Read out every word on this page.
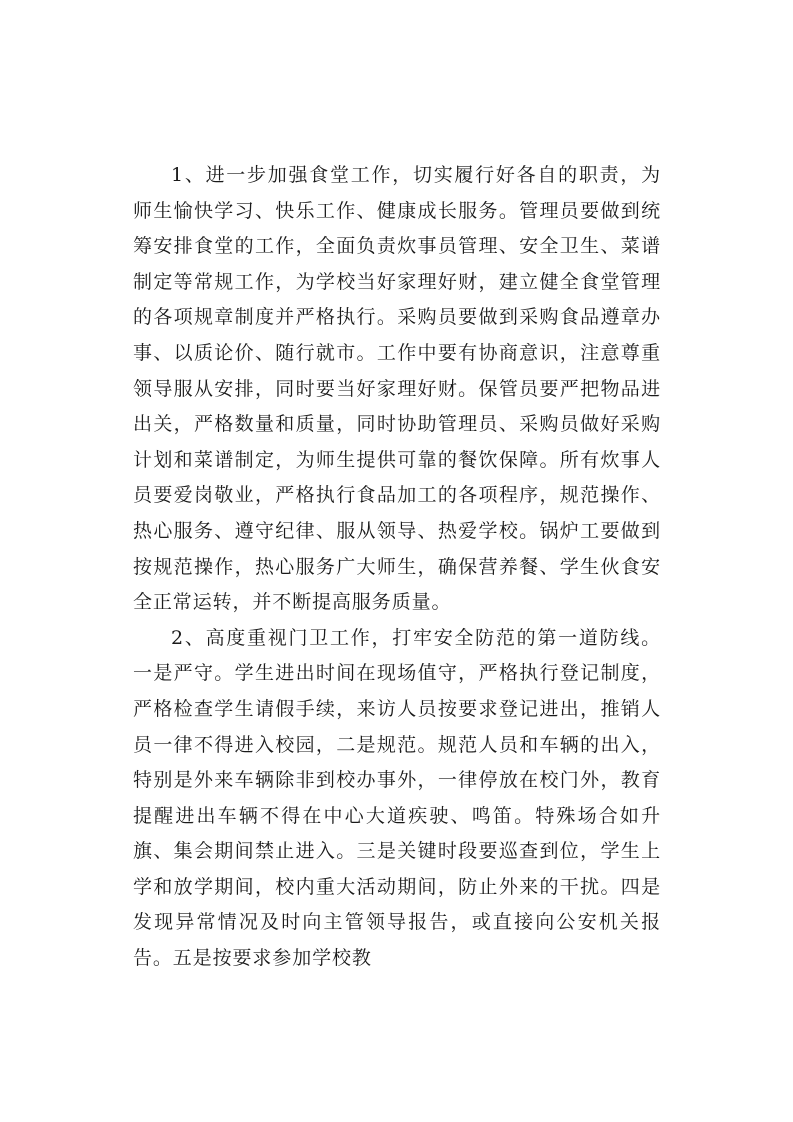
1、进一步加强食堂工作，切实履行好各自的职责，为师生愉快学习、快乐工作、健康成长服务。管理员要做到统筹安排食堂的工作，全面负责炊事员管理、安全卫生、菜谱制定等常规工作，为学校当好家理好财，建立健全食堂管理的各项规章制度并严格执行。采购员要做到采购食品遵章办事、以质论价、随行就市。工作中要有协商意识，注意尊重领导服从安排，同时要当好家理好财。保管员要严把物品进出关，严格数量和质量，同时协助管理员、采购员做好采购计划和菜谱制定，为师生提供可靠的餐饮保障。所有炊事人员要爱岗敬业，严格执行食品加工的各项程序，规范操作、热心服务、遵守纪律、服从领导、热爱学校。锅炉工要做到按规范操作，热心服务广大师生，确保营养餐、学生伙食安全正常运转，并不断提高服务质量。

2、高度重视门卫工作，打牢安全防范的第一道防线。一是严守。学生进出时间在现场值守，严格执行登记制度，严格检查学生请假手续，来访人员按要求登记进出，推销人员一律不得进入校园，二是规范。规范人员和车辆的出入，特别是外来车辆除非到校办事外，一律停放在校门外，教育提醒进出车辆不得在中心大道疾驶、鸣笛。特殊场合如升旗、集会期间禁止进入。三是关键时段要巡查到位，学生上学和放学期间，校内重大活动期间，防止外来的干扰。四是发现异常情况及时向主管领导报告，或直接向公安机关报告。五是按要求参加学校教
